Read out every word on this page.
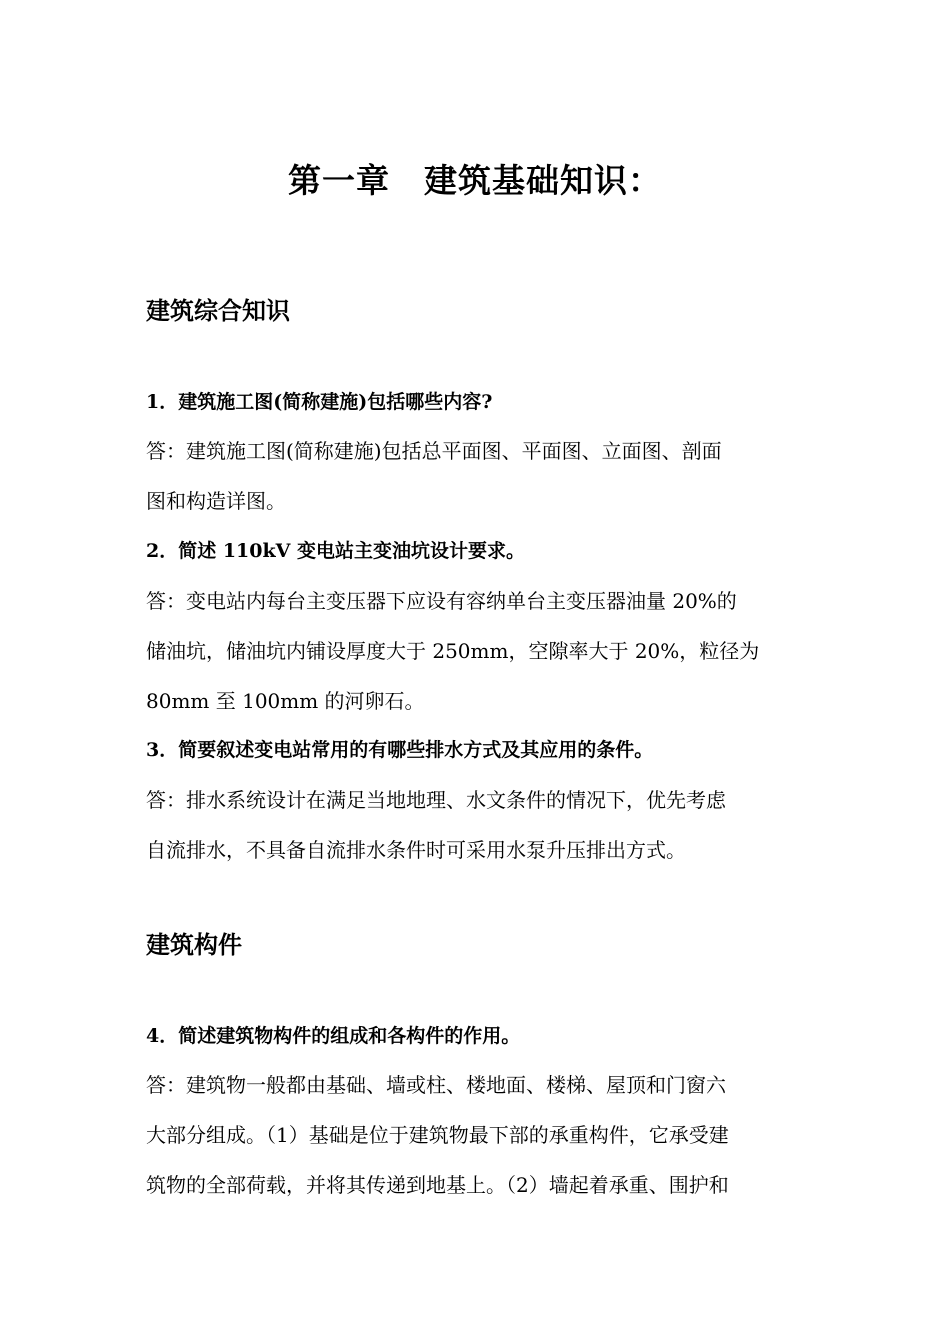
第一章　建筑基础知识：
建筑综合知识
1．建筑施工图(简称建施)包括哪些内容?
答：建筑施工图(简称建施)包括总平面图、平面图、立面图、剖面
图和构造详图。
2．简述 110kV 变电站主变油坑设计要求。
答：变电站内每台主变压器下应设有容纳单台主变压器油量 20%的
储油坑，储油坑内铺设厚度大于 250mm，空隙率大于 20%，粒径为
80mm 至 100mm 的河卵石。
3．简要叙述变电站常用的有哪些排水方式及其应用的条件。
答：排水系统设计在满足当地地理、水文条件的情况下，优先考虑
自流排水，不具备自流排水条件时可采用水泵升压排出方式。
建筑构件
4．简述建筑物构件的组成和各构件的作用。
答：建筑物一般都由基础、墙或柱、楼地面、楼梯、屋顶和门窗六
大部分组成。（1）基础是位于建筑物最下部的承重构件，它承受建
筑物的全部荷载，并将其传递到地基上。（2）墙起着承重、围护和
